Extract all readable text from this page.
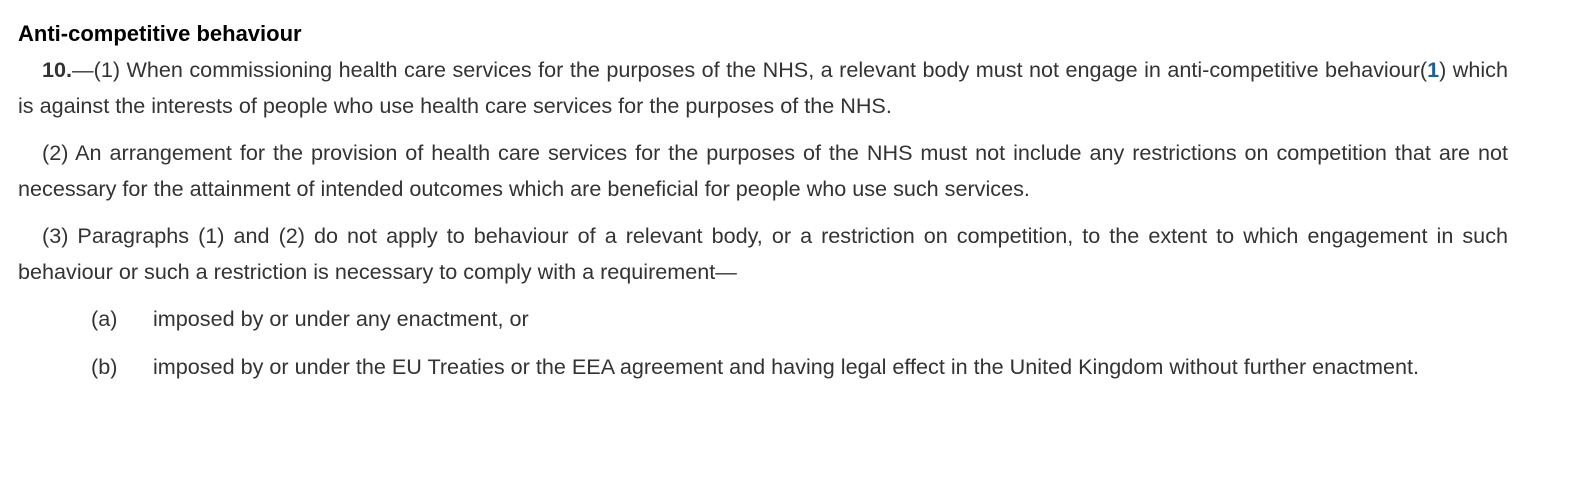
Anti-competitive behaviour

10.—(1) When commissioning health care services for the purposes of the NHS, a relevant body must not engage in anti-competitive behaviour(1) which is against the interests of people who use health care services for the purposes of the NHS.

(2) An arrangement for the provision of health care services for the purposes of the NHS must not include any restrictions on competition that are not necessary for the attainment of intended outcomes which are beneficial for people who use such services.

(3) Paragraphs (1) and (2) do not apply to behaviour of a relevant body, or a restriction on competition, to the extent to which engagement in such behaviour or such a restriction is necessary to comply with a requirement—

(a)	imposed by or under any enactment, or
(b)	imposed by or under the EU Treaties or the EEA agreement and having legal effect in the United Kingdom without further enactment.
